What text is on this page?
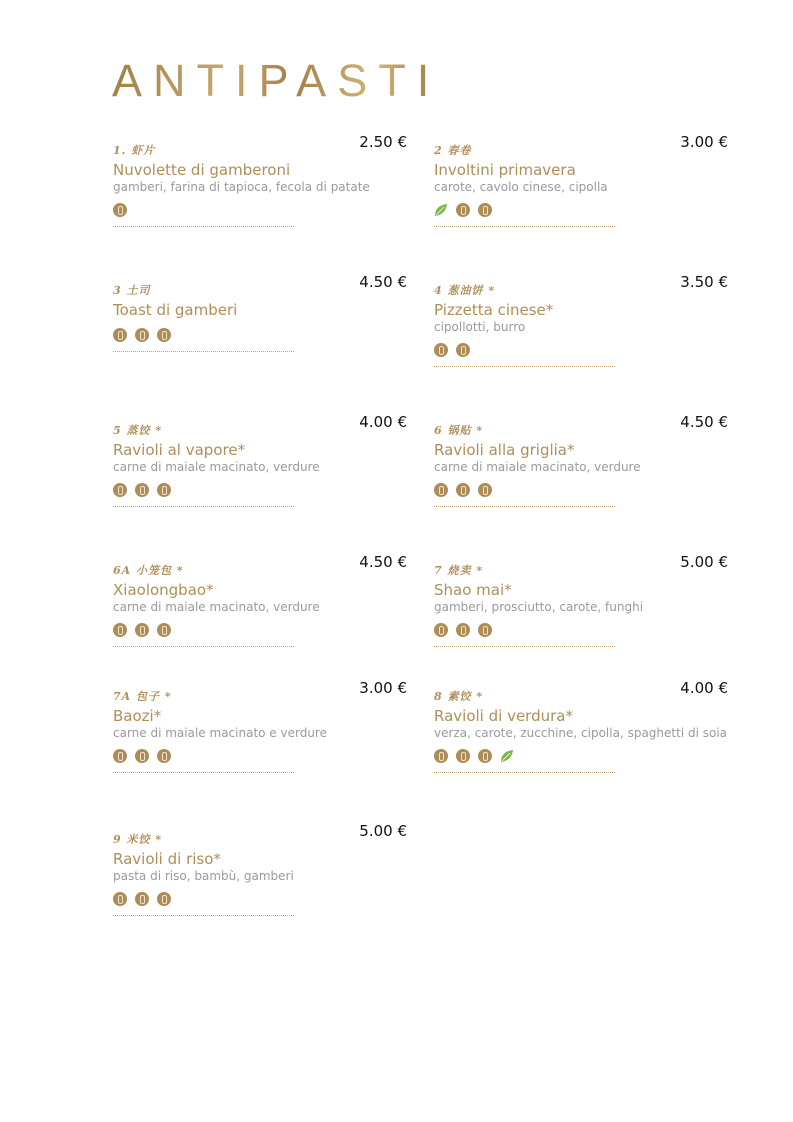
ANTIPASTI
1. 虾片	2.50 €
Nuvolette di gamberoni
gamberi, farina di tapioca, fecola di patate
2 春卷	3.00 €
Involtini primavera
carote, cavolo cinese, cipolla
3 土司	4.50 €
Toast di gamberi
4 葱油饼 *	3.50 €
Pizzetta cinese*
cipollotti, burro
5 蒸饺 *	4.00 €
Ravioli al vapore*
carne di maiale macinato, verdure
6 锅贴 *	4.50 €
Ravioli alla griglia*
carne di maiale macinato, verdure
6A 小笼包 *	4.50 €
Xiaolongbao*
carne di maiale macinato, verdure
7 烧卖 *	5.00 €
Shao mai*
gamberi, prosciutto, carote, funghi
7A 包子 *	3.00 €
Baozi*
carne di maiale macinato e verdure
8 素饺 *	4.00 €
Ravioli di verdura*
verza, carote, zucchine, cipolla, spaghetti di soia
9 米饺 *	5.00 €
Ravioli di riso*
pasta di riso, bambù, gamberi
